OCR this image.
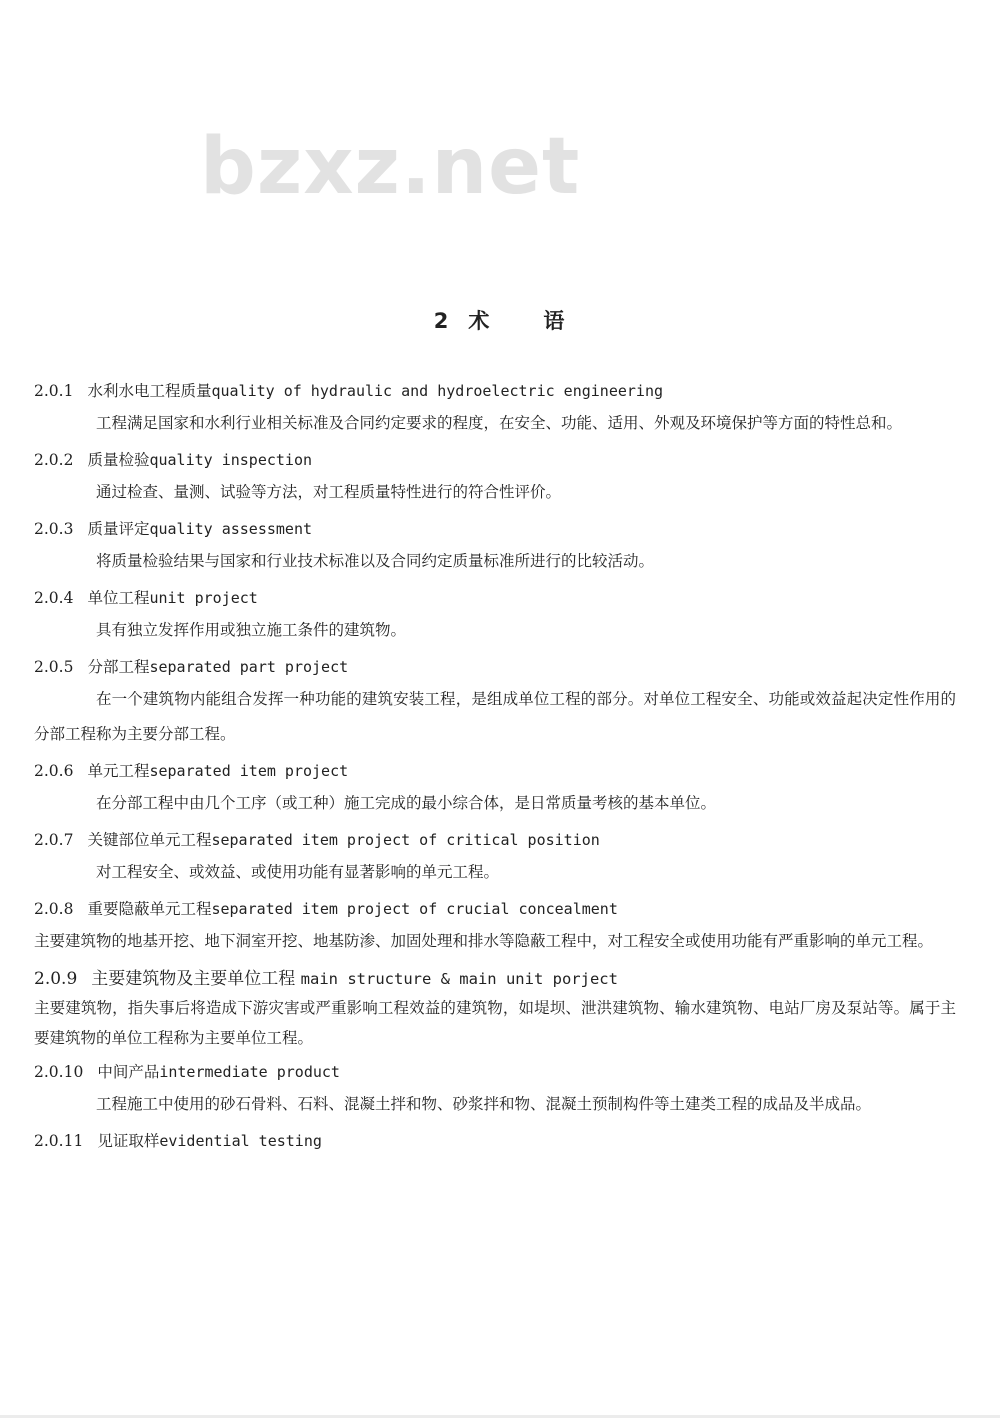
bzxz.net
2 术 语
2.0.1 水利水电工程质量quality of hydraulic and hydroelectric engineering
工程满足国家和水利行业相关标准及合同约定要求的程度，在安全、功能、适用、外观及环境保护等方面的特性总和。
2.0.2 质量检验quality inspection
通过检查、量测、试验等方法，对工程质量特性进行的符合性评价。
2.0.3 质量评定quality assessment
将质量检验结果与国家和行业技术标准以及合同约定质量标准所进行的比较活动。
2.0.4 单位工程unit project
具有独立发挥作用或独立施工条件的建筑物。
2.0.5 分部工程separated part project
在一个建筑物内能组合发挥一种功能的建筑安装工程，是组成单位工程的部分。对单位工程安全、功能或效益起决定性作用的分部工程称为主要分部工程。
2.0.6 单元工程separated item project
在分部工程中由几个工序（或工种）施工完成的最小综合体，是日常质量考核的基本单位。
2.0.7 关键部位单元工程separated item project of critical position
对工程安全、或效益、或使用功能有显著影响的单元工程。
2.0.8 重要隐蔽单元工程separated item project of crucial concealment
主要建筑物的地基开挖、地下洞室开挖、地基防渗、加固处理和排水等隐蔽工程中，对工程安全或使用功能有严重影响的单元工程。
2.0.9 主要建筑物及主要单位工程 main structure & main unit porject
主要建筑物，指失事后将造成下游灾害或严重影响工程效益的建筑物，如堤坝、泄洪建筑物、输水建筑物、电站厂房及泵站等。属于主要建筑物的单位工程称为主要单位工程。
2.0.10 中间产品intermediate product
工程施工中使用的砂石骨料、石料、混凝土拌和物、砂浆拌和物、混凝土预制构件等土建类工程的成品及半成品。
2.0.11 见证取样evidential testing
